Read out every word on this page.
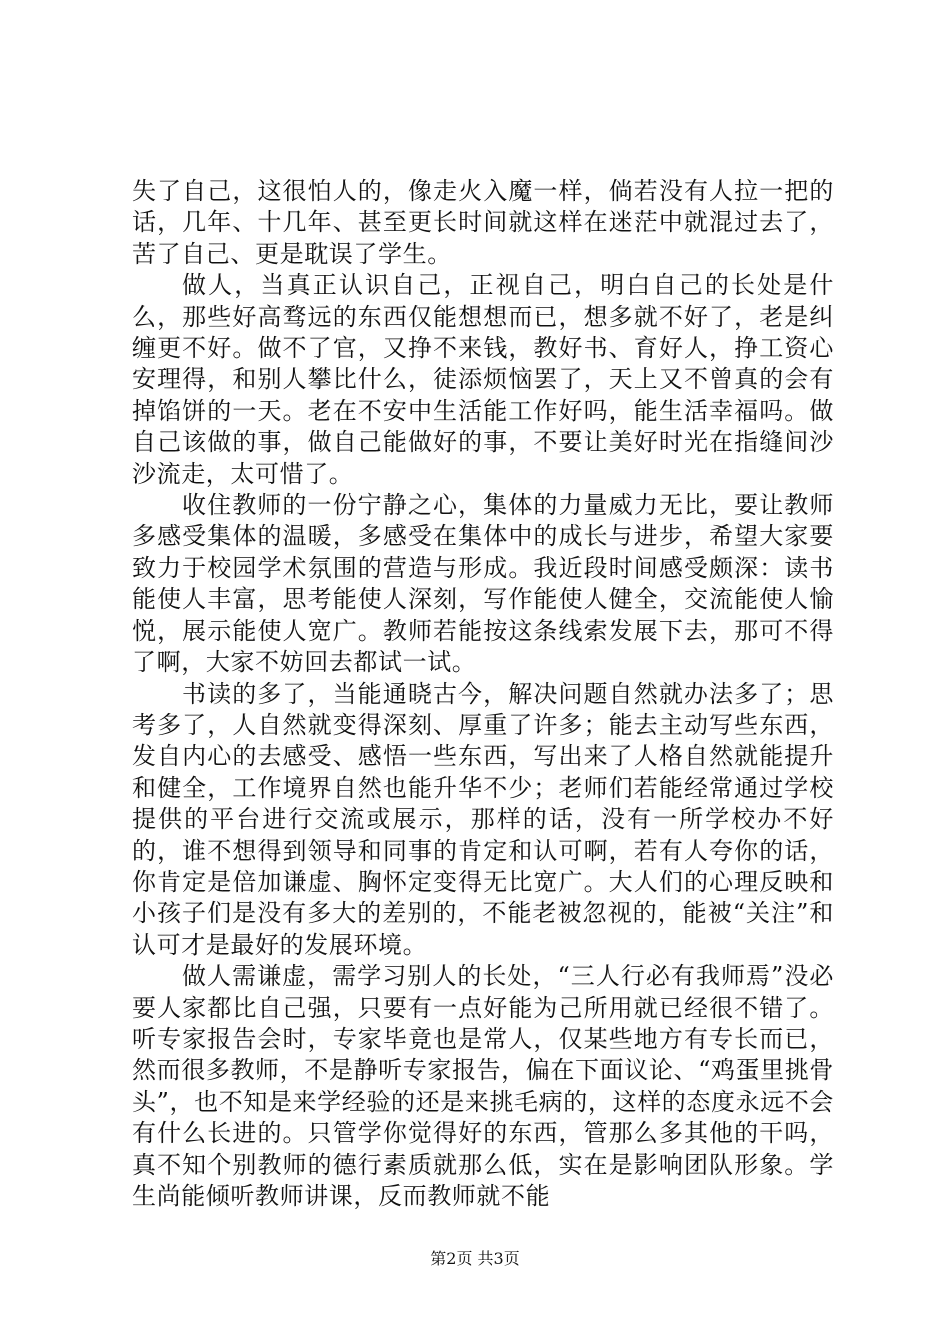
失了自己，这很怕人的，像走火入魔一样，倘若没有人拉一把的话，几年、十几年、甚至更长时间就这样在迷茫中就混过去了，苦了自己、更是耽误了学生。

做人，当真正认识自己，正视自己，明白自己的长处是什么，那些好高骛远的东西仅能想想而已，想多就不好了，老是纠缠更不好。做不了官，又挣不来钱，教好书、育好人，挣工资心安理得，和别人攀比什么，徒添烦恼罢了，天上又不曾真的会有掉馅饼的一天。老在不安中生活能工作好吗，能生活幸福吗。做自己该做的事，做自己能做好的事，不要让美好时光在指缝间沙沙流走，太可惜了。

收住教师的一份宁静之心，集体的力量威力无比，要让教师多感受集体的温暖，多感受在集体中的成长与进步，希望大家要致力于校园学术氛围的营造与形成。我近段时间感受颇深：读书能使人丰富，思考能使人深刻，写作能使人健全，交流能使人愉悦，展示能使人宽广。教师若能按这条线索发展下去，那可不得了啊，大家不妨回去都试一试。

书读的多了，当能通晓古今，解决问题自然就办法多了；思考多了，人自然就变得深刻、厚重了许多；能去主动写些东西，发自内心的去感受、感悟一些东西，写出来了人格自然就能提升和健全，工作境界自然也能升华不少；老师们若能经常通过学校提供的平台进行交流或展示，那样的话，没有一所学校办不好的，谁不想得到领导和同事的肯定和认可啊，若有人夸你的话，你肯定是倍加谦虚、胸怀定变得无比宽广。大人们的心理反映和小孩子们是没有多大的差别的，不能老被忽视的，能被“关注”和认可才是最好的发展环境。

做人需谦虚，需学习别人的长处，“三人行必有我师焉”没必要人家都比自己强，只要有一点好能为己所用就已经很不错了。听专家报告会时，专家毕竟也是常人，仅某些地方有专长而已，然而很多教师，不是静听专家报告，偏在下面议论、“鸡蛋里挑骨头”，也不知是来学经验的还是来挑毛病的，这样的态度永远不会有什么长进的。只管学你觉得好的东西，管那么多其他的干吗，真不知个别教师的德行素质就那么低，实在是影响团队形象。学生尚能倾听教师讲课，反而教师就不能

第2页 共3页
